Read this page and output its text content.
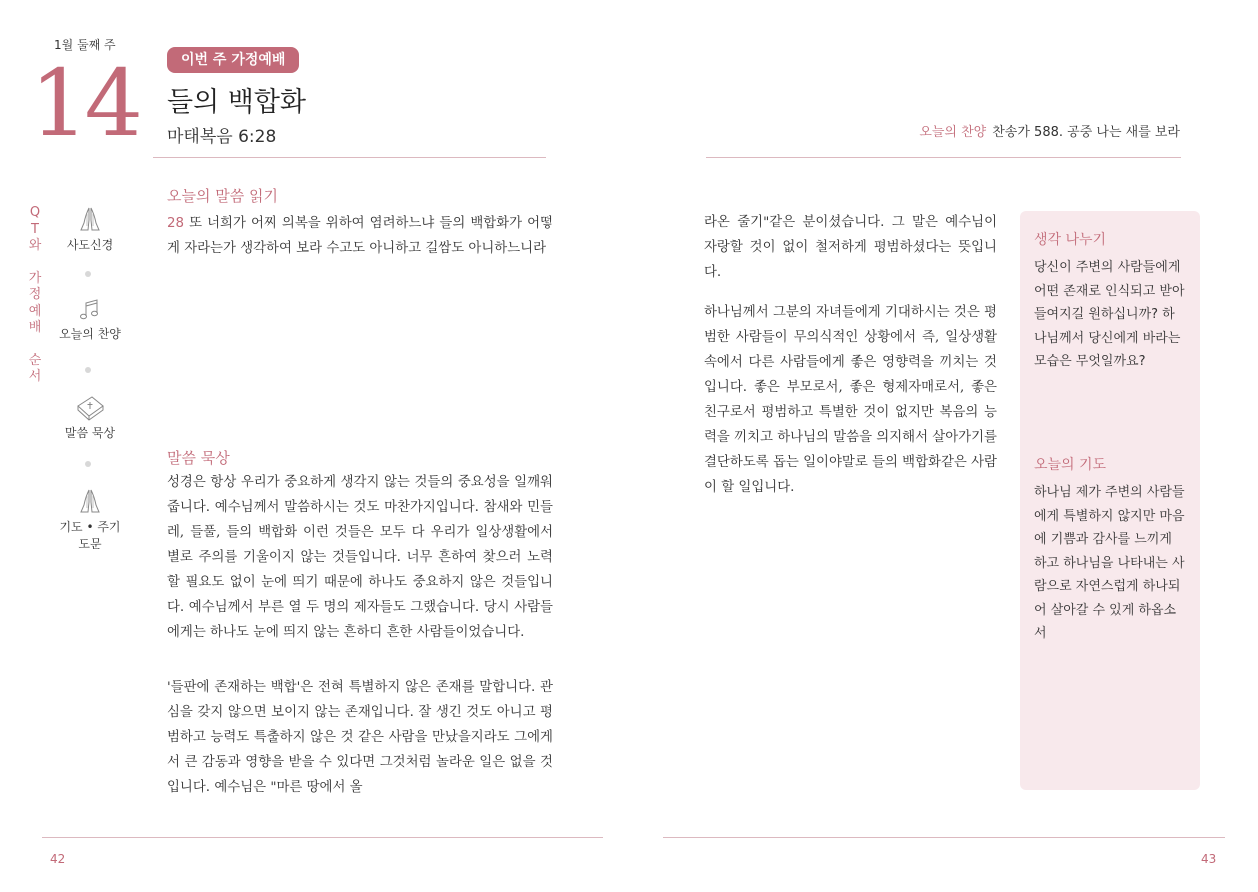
1월 둘째 주
14	이번 주 가정예배
들의 백합화
마태복음 6:28
Q
T
와
가
정
예
배
순
서
사도신경
오늘의 찬양
말씀 묵상
기도 • 주기도문
오늘의 말씀 읽기
28 또 너희가 어찌 의복을 위하여 염려하느냐 들의 백합화가 어떻게 자라는가 생각하여 보라 수고도 아니하고 길쌈도 아니하느니라
말씀 묵상
성경은 항상 우리가 중요하게 생각지 않는 것들의 중요성을 일깨워 줍니다. 예수님께서 말씀하시는 것도 마찬가지입니다. 참새와 민들레, 들풀, 들의 백합화 이런 것들은 모두 다 우리가 일상생활에서 별로 주의를 기울이지 않는 것들입니다. 너무 흔하여 찾으러 노력할 필요도 없이 눈에 띄기 때문에 하나도 중요하지 않은 것들입니다. 예수님께서 부른 열 두 명의 제자들도 그랬습니다. 당시 사람들에게는 하나도 눈에 띄지 않는 흔하디 흔한 사람들이었습니다.
'들판에 존재하는 백합'은 전혀 특별하지 않은 존재를 말합니다. 관심을 갖지 않으면 보이지 않는 존재입니다. 잘 생긴 것도 아니고 평범하고 능력도 특출하지 않은 것 같은 사람을 만났을지라도 그에게서 큰 감동과 영향을 받을 수 있다면 그것처럼 놀라운 일은 없을 것입니다. 예수님은 "마른 땅에서 올
42
오늘의 찬양 찬송가 588. 공중 나는 새를 보라
라온 줄기"같은 분이셨습니다. 그 말은 예수님이 자랑할 것이 없이 철저하게 평범하셨다는 뜻입니다.
하나님께서 그분의 자녀들에게 기대하시는 것은 평범한 사람들이 무의식적인 상황에서 즉, 일상생활 속에서 다른 사람들에게 좋은 영향력을 끼치는 것입니다. 좋은 부모로서, 좋은 형제자매로서, 좋은 친구로서 평범하고 특별한 것이 없지만 복음의 능력을 끼치고 하나님의 말씀을 의지해서 살아가기를 결단하도록 돕는 일이야말로 들의 백합화같은 사람이 할 일입니다.
생각 나누기
당신이 주변의 사람들에게 어떤 존재로 인식되고 받아들여지길 원하십니까? 하나님께서 당신에게 바라는 모습은 무엇일까요?
오늘의 기도
하나님 제가 주변의 사람들에게 특별하지 않지만 마음에 기쁨과 감사를 느끼게 하고 하나님을 나타내는 사람으로 자연스럽게 하나되어 살아갈 수 있게 하옵소서
43
